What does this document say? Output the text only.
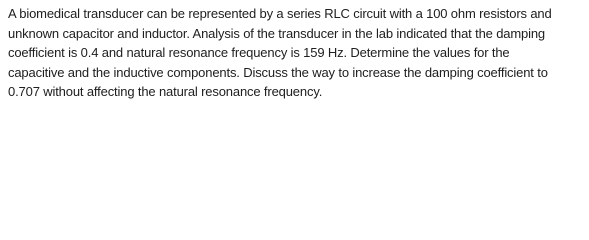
A biomedical transducer can be represented by a series RLC circuit with a 100 ohm resistors and
unknown capacitor and inductor. Analysis of the transducer in the lab indicated that the damping
coefficient is 0.4 and natural resonance frequency is 159 Hz. Determine the values for the
capacitive and the inductive components. Discuss the way to increase the damping coefficient to
0.707 without affecting the natural resonance frequency.
